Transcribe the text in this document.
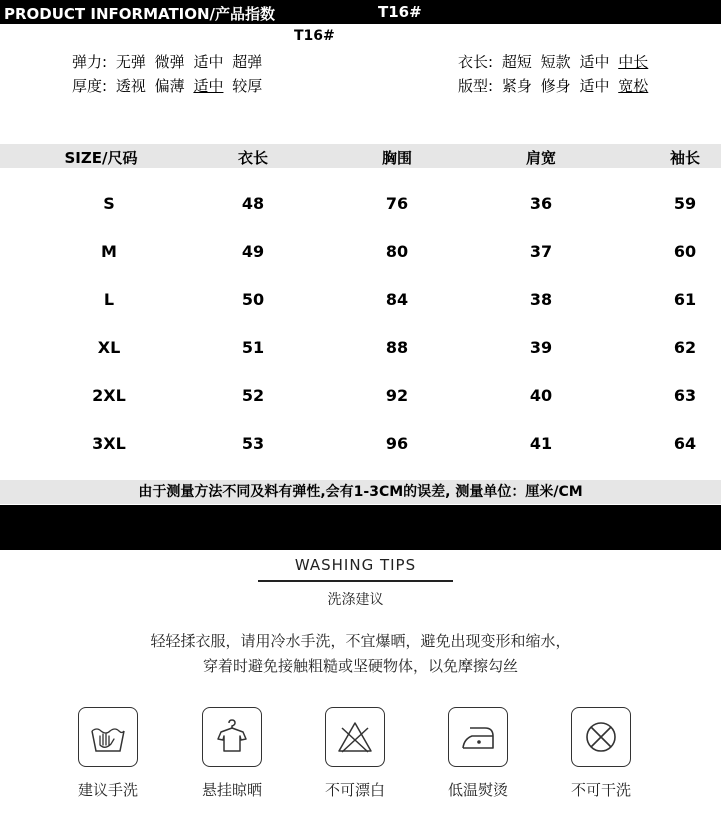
PRODUCT INFORMATION/产品指数	T16#
T16#
弹力: 无弹 微弹 适中 超弹
厚度: 透视 偏薄 适中 较厚
衣长: 超短 短款 适中 中长
版型: 紧身 修身 适中 宽松
SIZE/尺码	衣长	胸围	肩宽	袖长
S	48	76	36	59
M	49	80	37	60
L	50	84	38	61
XL	51	88	39	62
2XL	52	92	40	63
3XL	53	96	41	64
由于测量方法不同及料有弹性,会有1-3CM的误差, 测量单位：厘米/CM
WASHING TIPS
洗涤建议
轻轻揉衣服，请用冷水手洗，不宜爆晒，避免出现变形和缩水，
穿着时避免接触粗糙或坚硬物体，以免摩擦勾丝
建议手洗	悬挂晾晒	不可漂白	低温熨烫	不可干洗
